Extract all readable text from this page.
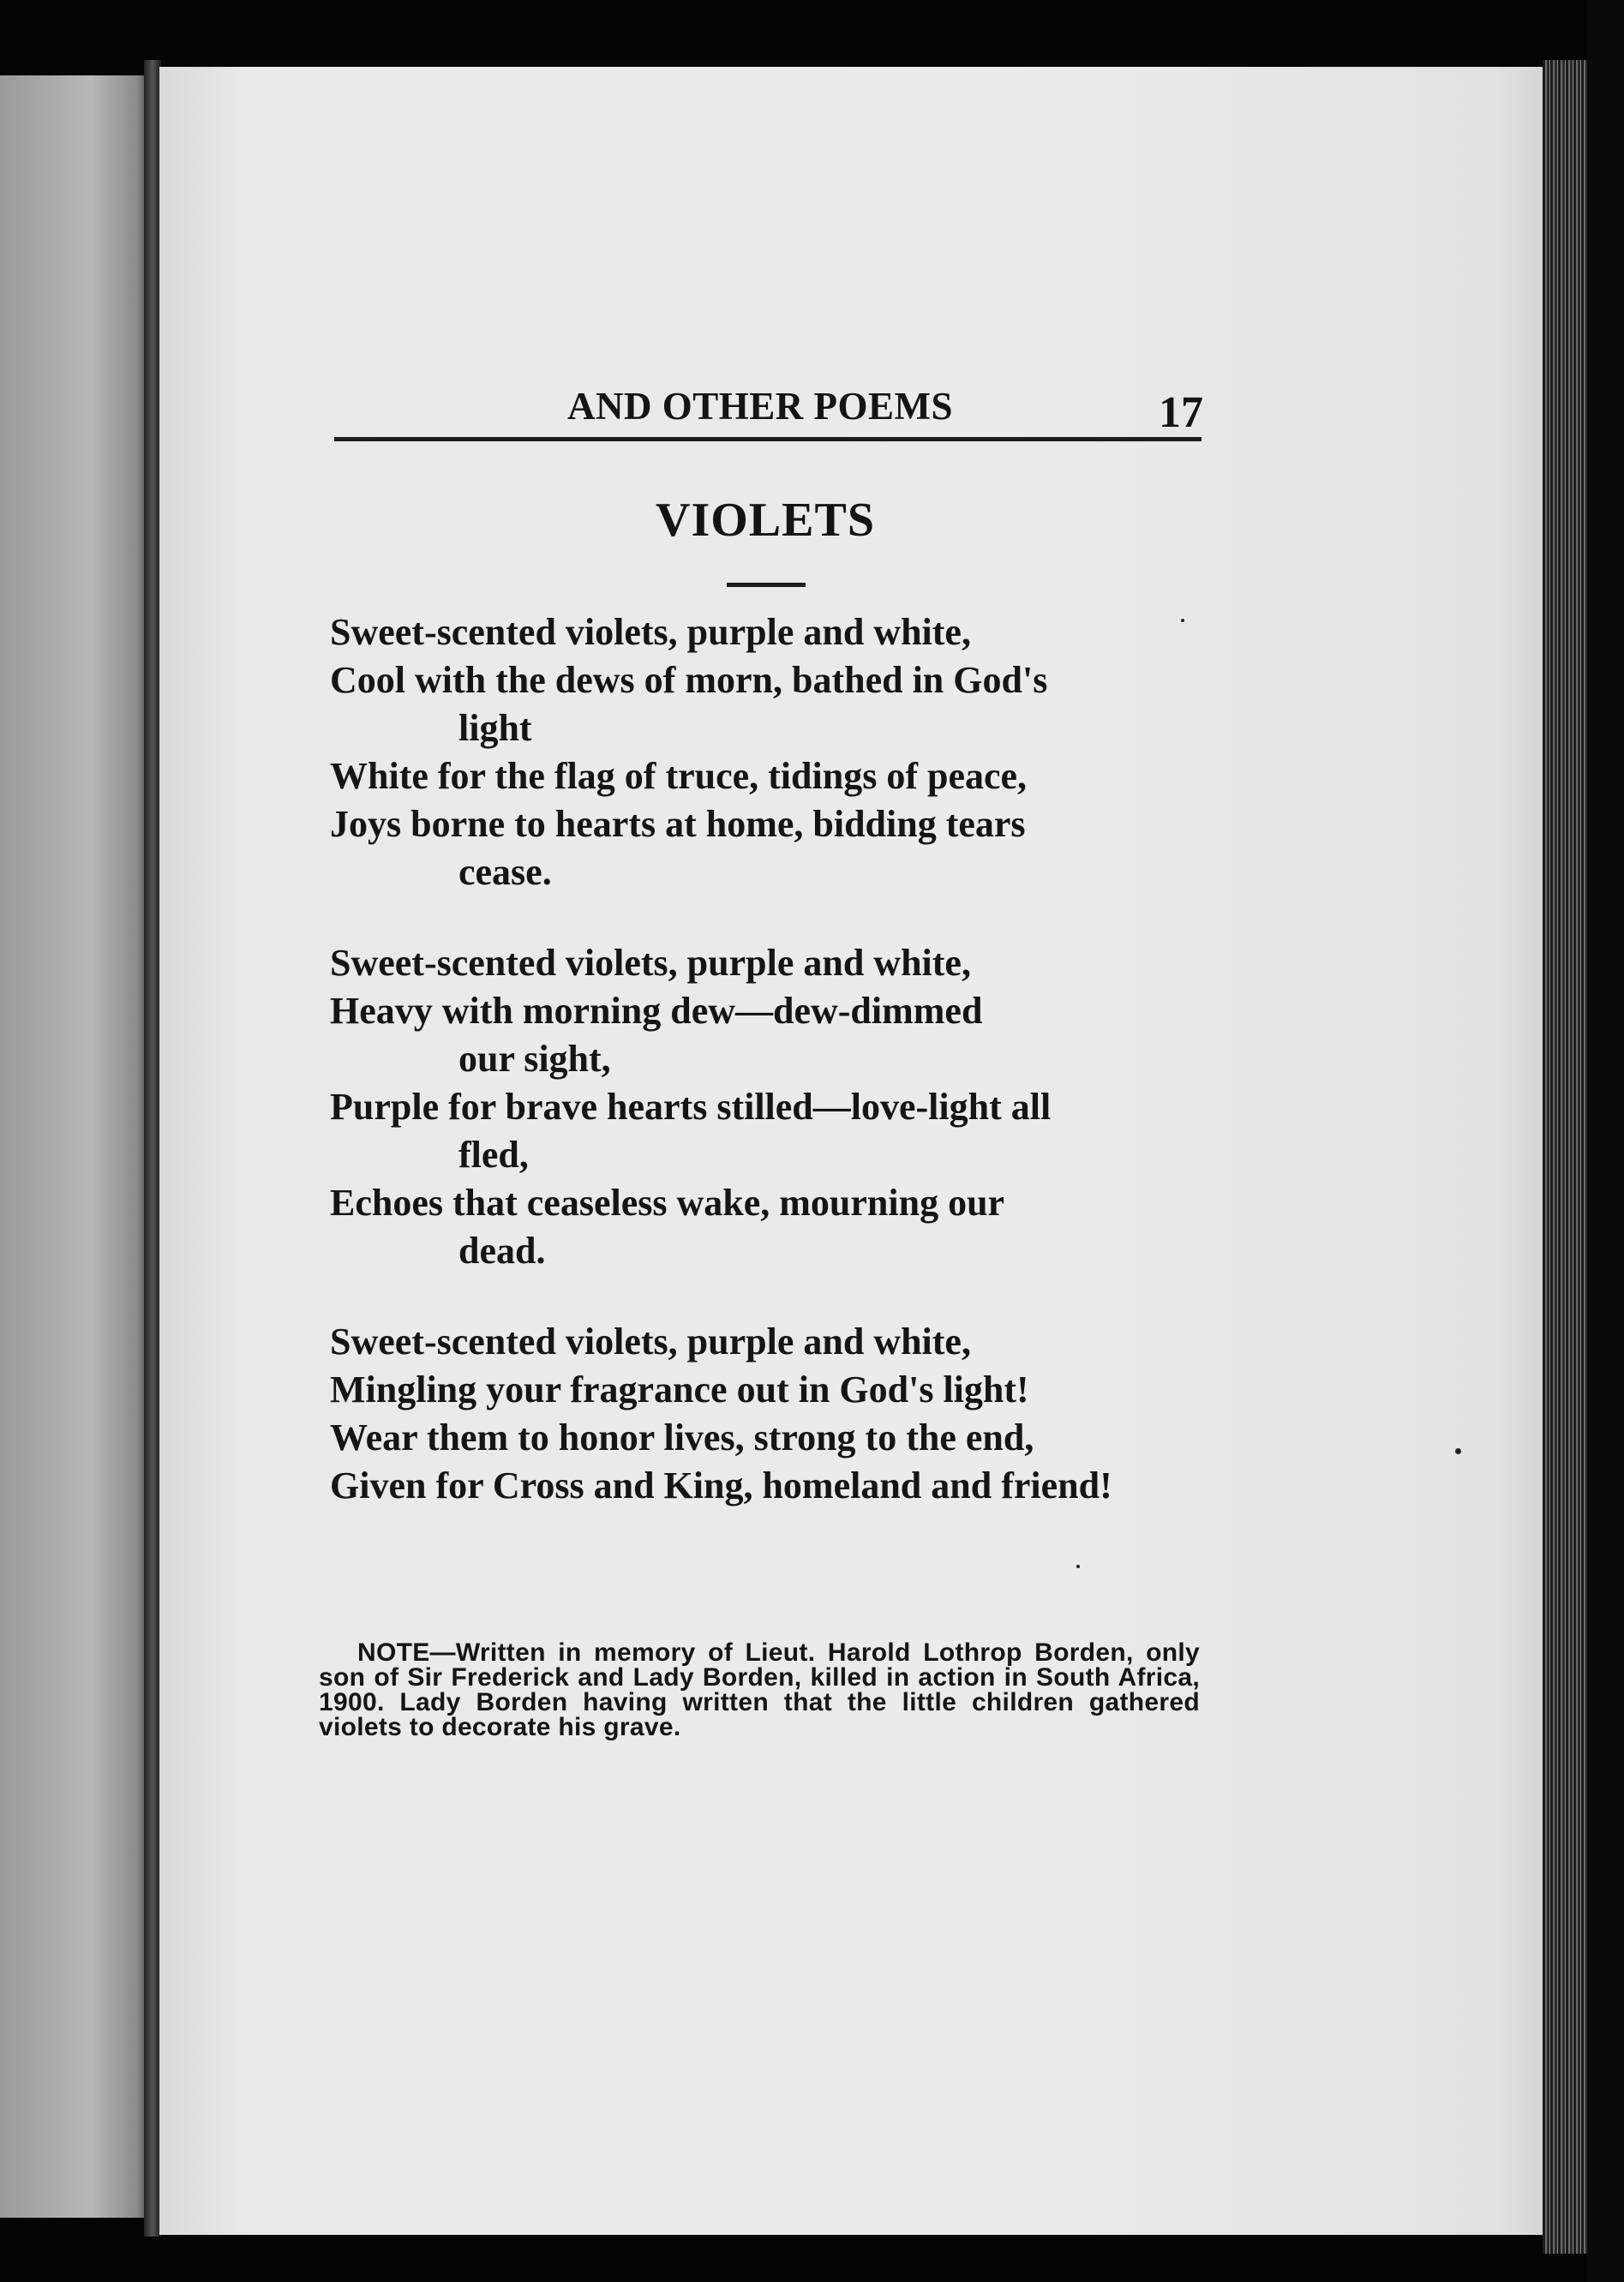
AND OTHER POEMS	17
VIOLETS
Sweet-scented violets, purple and white,
Cool with the dews of morn, bathed in God's
light
White for the flag of truce, tidings of peace,
Joys borne to hearts at home, bidding tears
cease.
Sweet-scented violets, purple and white,
Heavy with morning dew—dew-dimmed
our sight,
Purple for brave hearts stilled—love-light all
fled,
Echoes that ceaseless wake, mourning our
dead.
Sweet-scented violets, purple and white,
Mingling your fragrance out in God's light!
Wear them to honor lives, strong to the end,
Given for Cross and King, homeland and friend!
NOTE—Written in memory of Lieut. Harold Lothrop Borden, only son of Sir Frederick and Lady Borden, killed in action in South Africa, 1900. Lady Borden having written that the little children gathered violets to decorate his grave.
